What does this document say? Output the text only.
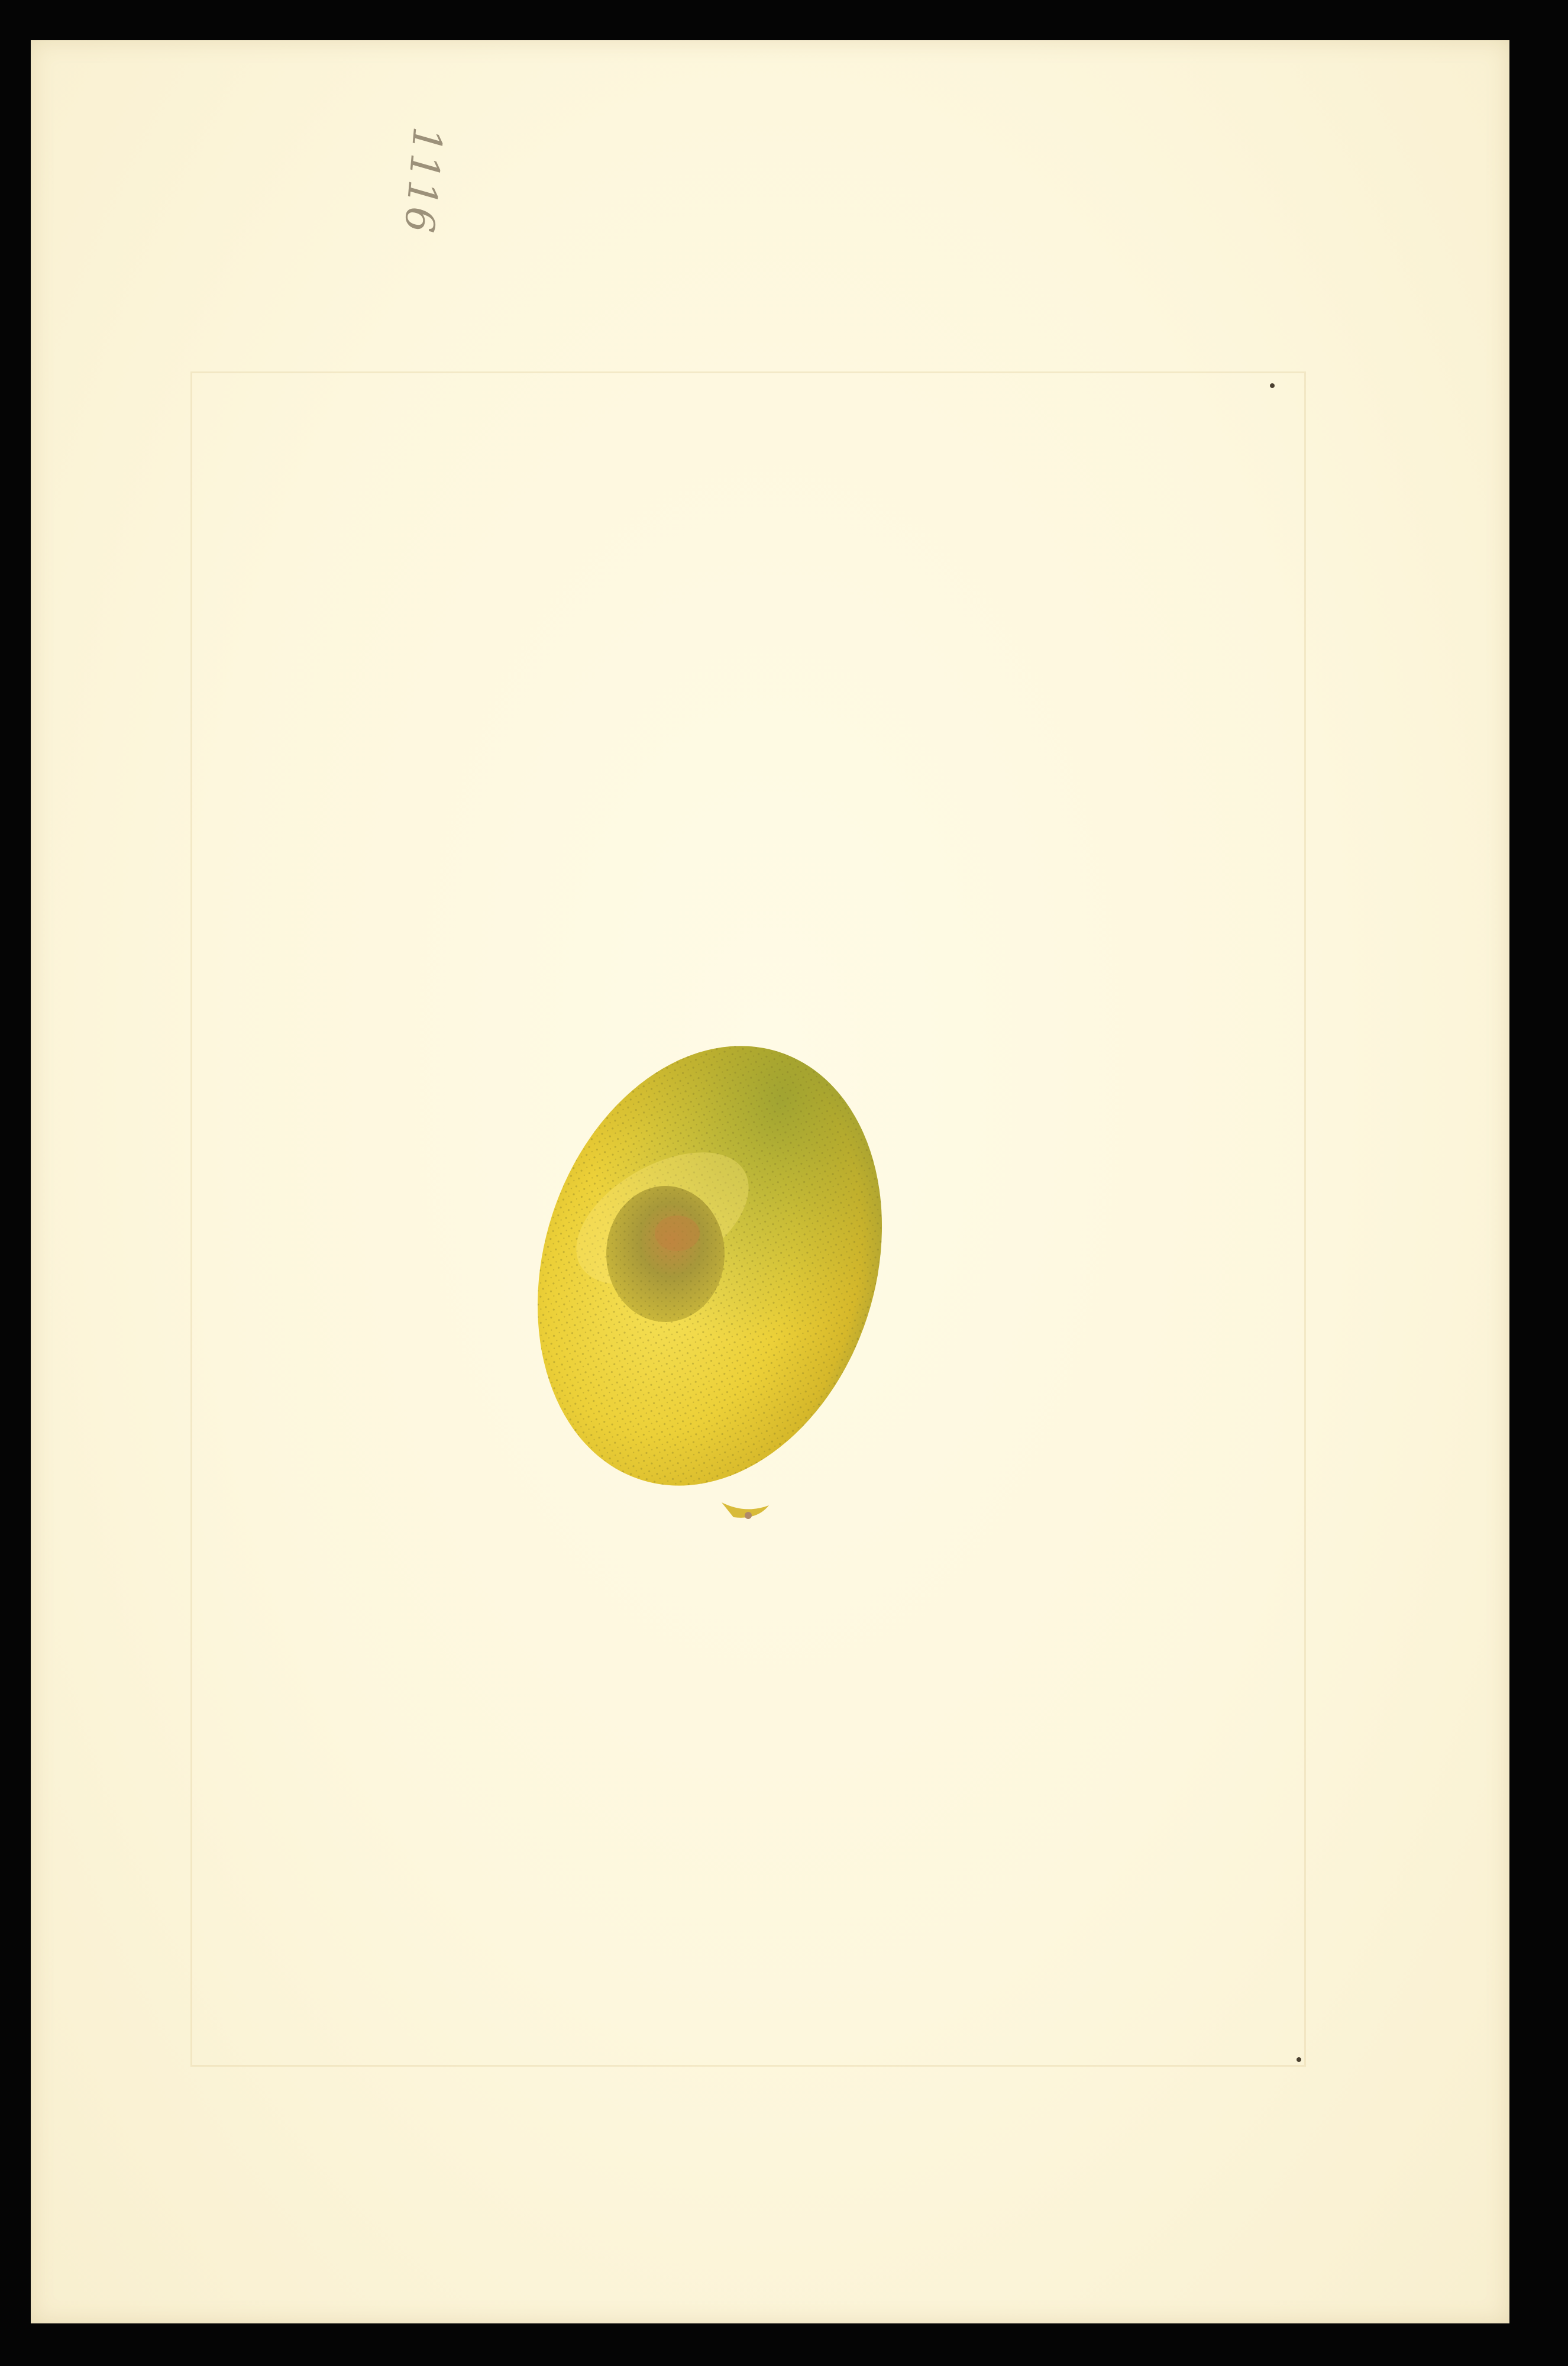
1116
